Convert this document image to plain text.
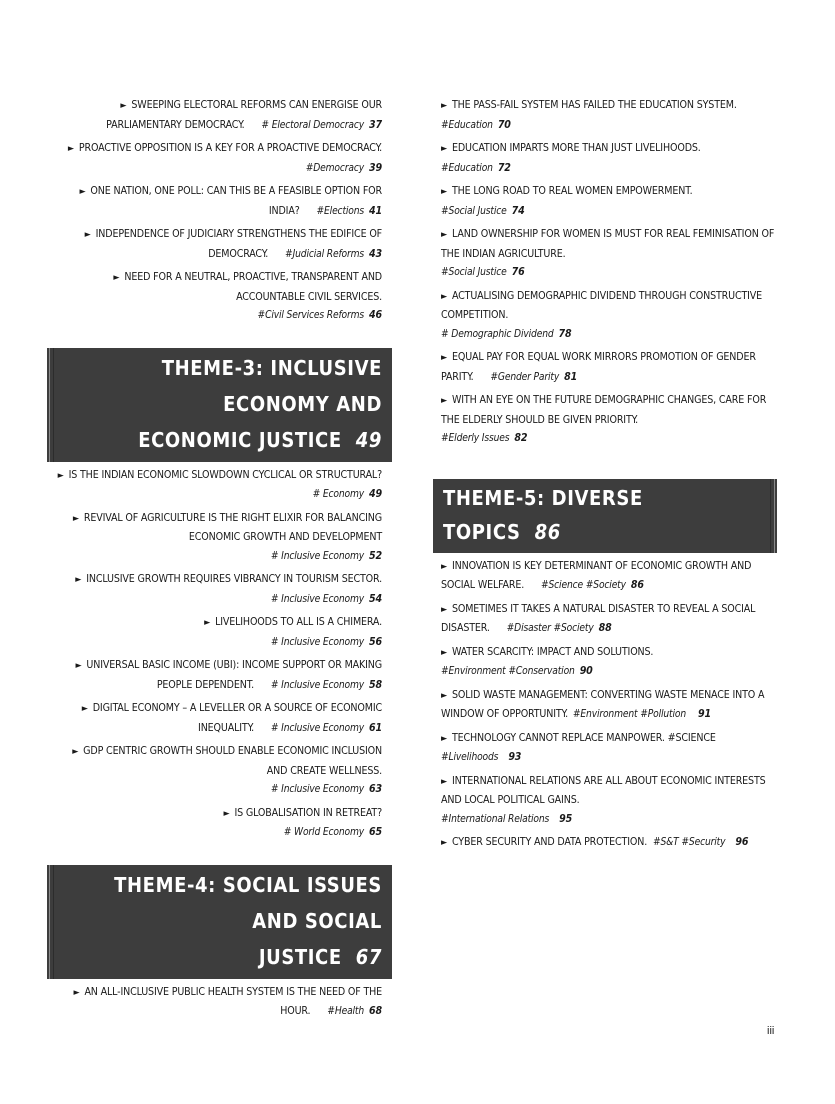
► SWEEPING ELECTORAL REFORMS CAN ENERGISE OUR PARLIAMENTARY DEMOCRACY. # Electoral Democracy 37
► PROACTIVE OPPOSITION IS A KEY FOR A PROACTIVE DEMOCRACY. #Democracy 39
► ONE NATION, ONE POLL: CAN THIS BE A FEASIBLE OPTION FOR INDIA? #Elections 41
► INDEPENDENCE OF JUDICIARY STRENGTHENS THE EDIFICE OF DEMOCRACY. #Judicial Reforms 43
► NEED FOR A NEUTRAL, PROACTIVE, TRANSPARENT AND ACCOUNTABLE CIVIL SERVICES.
#Civil Services Reforms 46
THEME-3: INCLUSIVE ECONOMY AND
ECONOMIC JUSTICE 49
► IS THE INDIAN ECONOMIC SLOWDOWN CYCLICAL OR STRUCTURAL? # Economy 49
► REVIVAL OF AGRICULTURE IS THE RIGHT ELIXIR FOR BALANCING ECONOMIC GROWTH AND DEVELOPMENT
# Inclusive Economy 52
► INCLUSIVE GROWTH REQUIRES VIBRANCY IN TOURISM SECTOR. # Inclusive Economy 54
► LIVELIHOODS TO ALL IS A CHIMERA.
# Inclusive Economy 56
► UNIVERSAL BASIC INCOME (UBI): INCOME SUPPORT OR MAKING PEOPLE DEPENDENT. # Inclusive Economy 58
► DIGITAL ECONOMY – A LEVELLER OR A SOURCE OF ECONOMIC INEQUALITY. # Inclusive Economy 61
► GDP CENTRIC GROWTH SHOULD ENABLE ECONOMIC INCLUSION AND CREATE WELLNESS.
# Inclusive Economy 63
► IS GLOBALISATION IN RETREAT?
# World Economy 65
THEME-4: SOCIAL ISSUES AND SOCIAL
JUSTICE 67
► AN ALL-INCLUSIVE PUBLIC HEALTH SYSTEM IS THE NEED OF THE HOUR. #Health 68
► THE PASS-FAIL SYSTEM HAS FAILED THE EDUCATION SYSTEM.
#Education 70
► EDUCATION IMPARTS MORE THAN JUST LIVELIHOODS.
#Education 72
► THE LONG ROAD TO REAL WOMEN EMPOWERMENT.
#Social Justice 74
► LAND OWNERSHIP FOR WOMEN IS MUST FOR REAL FEMINISATION OF THE INDIAN AGRICULTURE.
#Social Justice 76
► ACTUALISING DEMOGRAPHIC DIVIDEND THROUGH CONSTRUCTIVE COMPETITION.
# Demographic Dividend 78
► EQUAL PAY FOR EQUAL WORK MIRRORS PROMOTION OF GENDER PARITY. #Gender Parity 81
► WITH AN EYE ON THE FUTURE DEMOGRAPHIC CHANGES, CARE FOR THE ELDERLY SHOULD BE GIVEN PRIORITY.
#Elderly Issues 82
THEME-5: DIVERSE TOPICS 86
► INNOVATION IS KEY DETERMINANT OF ECONOMIC GROWTH AND SOCIAL WELFARE. #Science #Society 86
► SOMETIMES IT TAKES A NATURAL DISASTER TO REVEAL A SOCIAL DISASTER. #Disaster #Society 88
► WATER SCARCITY: IMPACT AND SOLUTIONS.
#Environment #Conservation 90
► SOLID WASTE MANAGEMENT: CONVERTING WASTE MENACE INTO A WINDOW OF OPPORTUNITY. #Environment #Pollution 91
► TECHNOLOGY CANNOT REPLACE MANPOWER. #SCIENCE
#Livelihoods 93
► INTERNATIONAL RELATIONS ARE ALL ABOUT ECONOMIC INTERESTS AND LOCAL POLITICAL GAINS.
#International Relations 95
► CYBER SECURITY AND DATA PROTECTION. #S&T #Security 96
iii
